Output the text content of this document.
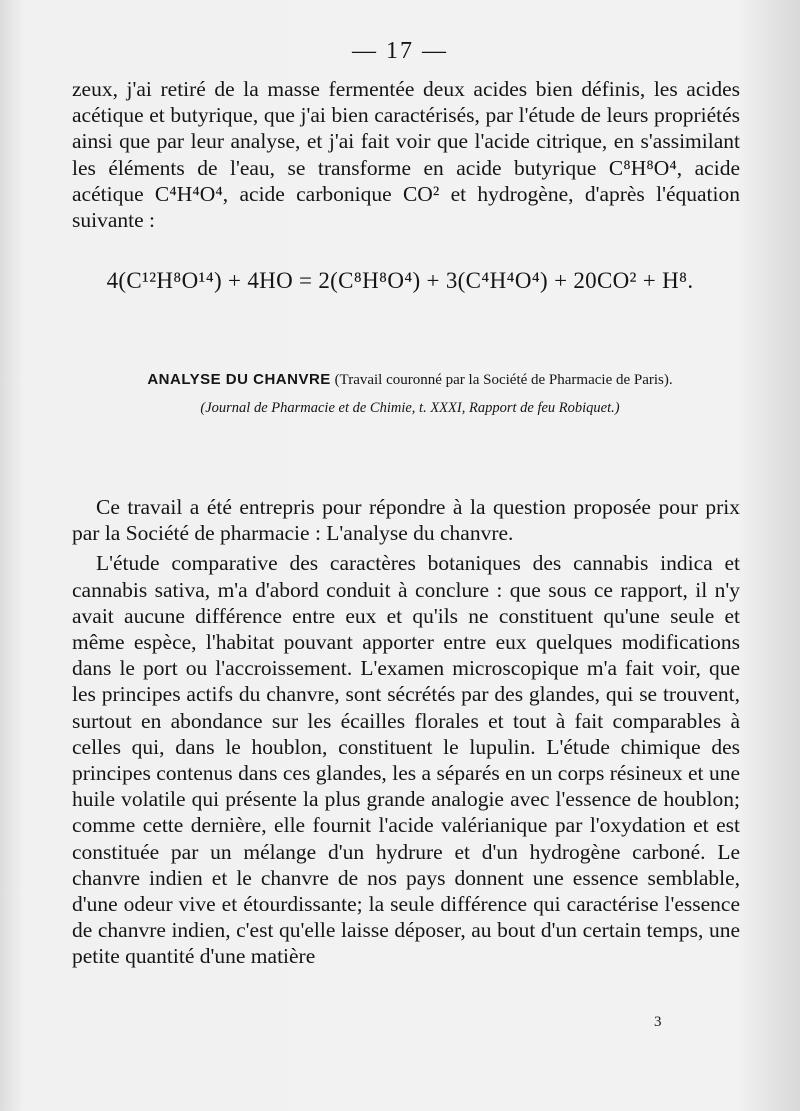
— 17 —

zeux, j'ai retiré de la masse fermentée deux acides bien définis, les acides acétique et butyrique, que j'ai bien caractérisés, par l'étude de leurs propriétés ainsi que par leur analyse, et j'ai fait voir que l'acide citrique, en s'assimilant les éléments de l'eau, se transforme en acide butyrique C⁸H⁸O⁴, acide acétique C⁴H⁴O⁴, acide carbonique CO² et hydrogène, d'après l'équation suivante :

4(C¹²H⁸O¹⁴) + 4HO = 2(C⁸H⁸O⁴) + 3(C⁴H⁴O⁴) + 20CO² + H⁸.
ANALYSE DU CHANVRE (Travail couronné par la Société de Pharmacie de Paris).
(Journal de Pharmacie et de Chimie, t. XXXI, Rapport de feu Robiquet.)

Ce travail a été entrepris pour répondre à la question proposée pour prix par la Société de pharmacie : L'analyse du chanvre.

L'étude comparative des caractères botaniques des cannabis indica et cannabis sativa, m'a d'abord conduit à conclure : que sous ce rapport, il n'y avait aucune différence entre eux et qu'ils ne constituent qu'une seule et même espèce, l'habitat pouvant apporter entre eux quelques modifications dans le port ou l'accroissement. L'examen microscopique m'a fait voir, que les principes actifs du chanvre, sont sécrétés par des glandes, qui se trouvent, surtout en abondance sur les écailles florales et tout à fait comparables à celles qui, dans le houblon, constituent le lupulin. L'étude chimique des principes contenus dans ces glandes, les a séparés en un corps résineux et une huile volatile qui présente la plus grande analogie avec l'essence de houblon; comme cette dernière, elle fournit l'acide valérianique par l'oxydation et est constituée par un mélange d'un hydrure et d'un hydrogène carboné. Le chanvre indien et le chanvre de nos pays donnent une essence semblable, d'une odeur vive et étourdissante; la seule différence qui caractérise l'essence de chanvre indien, c'est qu'elle laisse déposer, au bout d'un certain temps, une petite quantité d'une matière

3
